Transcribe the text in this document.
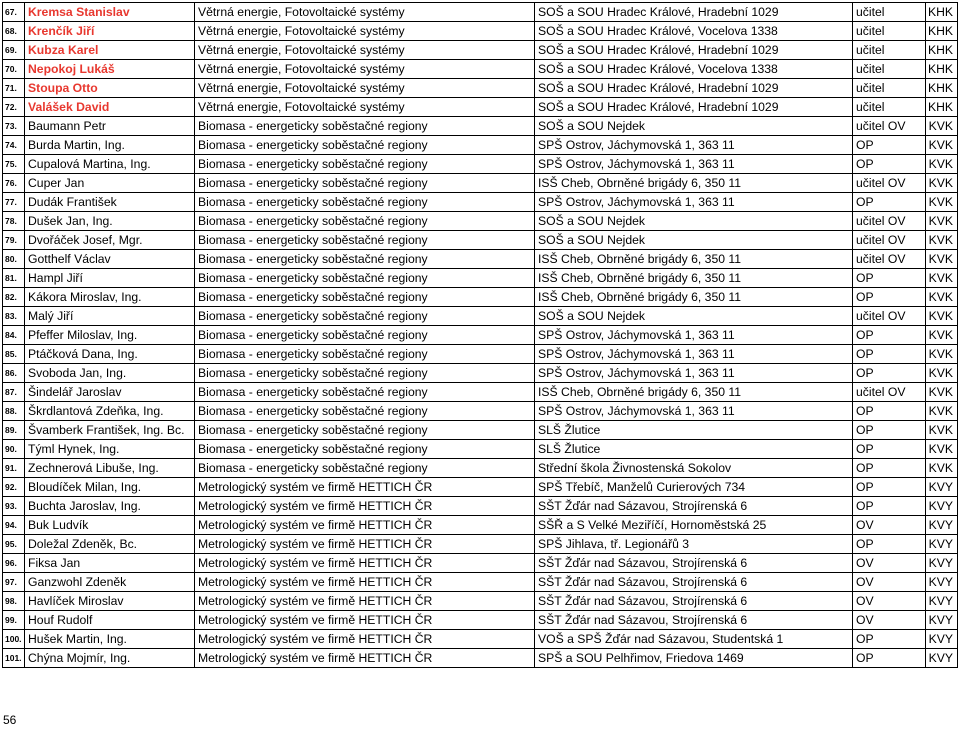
67.	Kremsa Stanislav	Větrná energie, Fotovoltaické systémy	SOŠ a SOU Hradec Králové, Hradební 1029	učitel	KHK
68.	Krenčík Jiří	Větrná energie, Fotovoltaické systémy	SOŠ a SOU Hradec Králové, Vocelova 1338	učitel	KHK
69.	Kubza Karel	Větrná energie, Fotovoltaické systémy	SOŠ a SOU Hradec Králové, Hradební 1029	učitel	KHK
70.	Nepokoj Lukáš	Větrná energie, Fotovoltaické systémy	SOŠ a SOU Hradec Králové, Vocelova 1338	učitel	KHK
71.	Stoupa Otto	Větrná energie, Fotovoltaické systémy	SOŠ a SOU Hradec Králové, Hradební 1029	učitel	KHK
72.	Valášek David	Větrná energie, Fotovoltaické systémy	SOŠ a SOU Hradec Králové, Hradební 1029	učitel	KHK
73.	Baumann Petr	Biomasa - energeticky soběstačné regiony	SOŠ a SOU Nejdek	učitel OV	KVK
74.	Burda Martin, Ing.	Biomasa - energeticky soběstačné regiony	SPŠ Ostrov, Jáchymovská 1, 363 11	OP	KVK
75.	Cupalová Martina, Ing.	Biomasa - energeticky soběstačné regiony	SPŠ Ostrov, Jáchymovská 1, 363 11	OP	KVK
76.	Cuper Jan	Biomasa - energeticky soběstačné regiony	ISŠ Cheb, Obrněné brigády 6, 350 11	učitel OV	KVK
77.	Dudák František	Biomasa - energeticky soběstačné regiony	SPŠ Ostrov, Jáchymovská 1, 363 11	OP	KVK
78.	Dušek Jan, Ing.	Biomasa - energeticky soběstačné regiony	SOŠ a SOU Nejdek	učitel OV	KVK
79.	Dvořáček Josef, Mgr.	Biomasa - energeticky soběstačné regiony	SOŠ a SOU Nejdek	učitel OV	KVK
80.	Gotthelf Václav	Biomasa - energeticky soběstačné regiony	ISŠ Cheb, Obrněné brigády 6, 350 11	učitel OV	KVK
81.	Hampl Jiří	Biomasa - energeticky soběstačné regiony	ISŠ Cheb, Obrněné brigády 6, 350 11	OP	KVK
82.	Kákora Miroslav, Ing.	Biomasa - energeticky soběstačné regiony	ISŠ Cheb, Obrněné brigády 6, 350 11	OP	KVK
83.	Malý Jiří	Biomasa - energeticky soběstačné regiony	SOŠ a SOU Nejdek	učitel OV	KVK
84.	Pfeffer Miloslav, Ing.	Biomasa - energeticky soběstačné regiony	SPŠ Ostrov, Jáchymovská 1, 363 11	OP	KVK
85.	Ptáčková Dana, Ing.	Biomasa - energeticky soběstačné regiony	SPŠ Ostrov, Jáchymovská 1, 363 11	OP	KVK
86.	Svoboda Jan, Ing.	Biomasa - energeticky soběstačné regiony	SPŠ Ostrov, Jáchymovská 1, 363 11	OP	KVK
87.	Šindelář Jaroslav	Biomasa - energeticky soběstačné regiony	ISŠ Cheb, Obrněné brigády 6, 350 11	učitel OV	KVK
88.	Škrdlantová Zdeňka, Ing.	Biomasa - energeticky soběstačné regiony	SPŠ Ostrov, Jáchymovská 1, 363 11	OP	KVK
89.	Švamberk František, Ing. Bc.	Biomasa - energeticky soběstačné regiony	SLŠ Žlutice	OP	KVK
90.	Týml Hynek, Ing.	Biomasa - energeticky soběstačné regiony	SLŠ Žlutice	OP	KVK
91.	Zechnerová Libuše, Ing.	Biomasa - energeticky soběstačné regiony	Střední škola Živnostenská Sokolov	OP	KVK
92.	Bloudíček Milan, Ing.	Metrologický systém ve firmě HETTICH ČR	SPŠ Třebíč, Manželů Curierových 734	OP	KVY
93.	Buchta Jaroslav, Ing.	Metrologický systém ve firmě HETTICH ČR	SŠT Žďár nad Sázavou, Strojírenská 6	OP	KVY
94.	Buk Ludvík	Metrologický systém ve firmě HETTICH ČR	SŠŘ a S Velké Meziříčí, Hornoměstská 25	OV	KVY
95.	Doležal Zdeněk, Bc.	Metrologický systém ve firmě HETTICH ČR	SPŠ Jihlava, tř. Legionářů 3	OP	KVY
96.	Fiksa Jan	Metrologický systém ve firmě HETTICH ČR	SŠT Žďár nad Sázavou, Strojírenská 6	OV	KVY
97.	Ganzwohl Zdeněk	Metrologický systém ve firmě HETTICH ČR	SŠT Žďár nad Sázavou, Strojírenská 6	OV	KVY
98.	Havlíček Miroslav	Metrologický systém ve firmě HETTICH ČR	SŠT Žďár nad Sázavou, Strojírenská 6	OV	KVY
99.	Houf Rudolf	Metrologický systém ve firmě HETTICH ČR	SŠT Žďár nad Sázavou, Strojírenská 6	OV	KVY
100.	Hušek Martin, Ing.	Metrologický systém ve firmě HETTICH ČR	VOŠ a SPŠ Žďár nad Sázavou, Studentská 1	OP	KVY
101.	Chýna Mojmír, Ing.	Metrologický systém ve firmě HETTICH ČR	SPŠ a SOU Pelhřimov, Friedova 1469	OP	KVY
56
